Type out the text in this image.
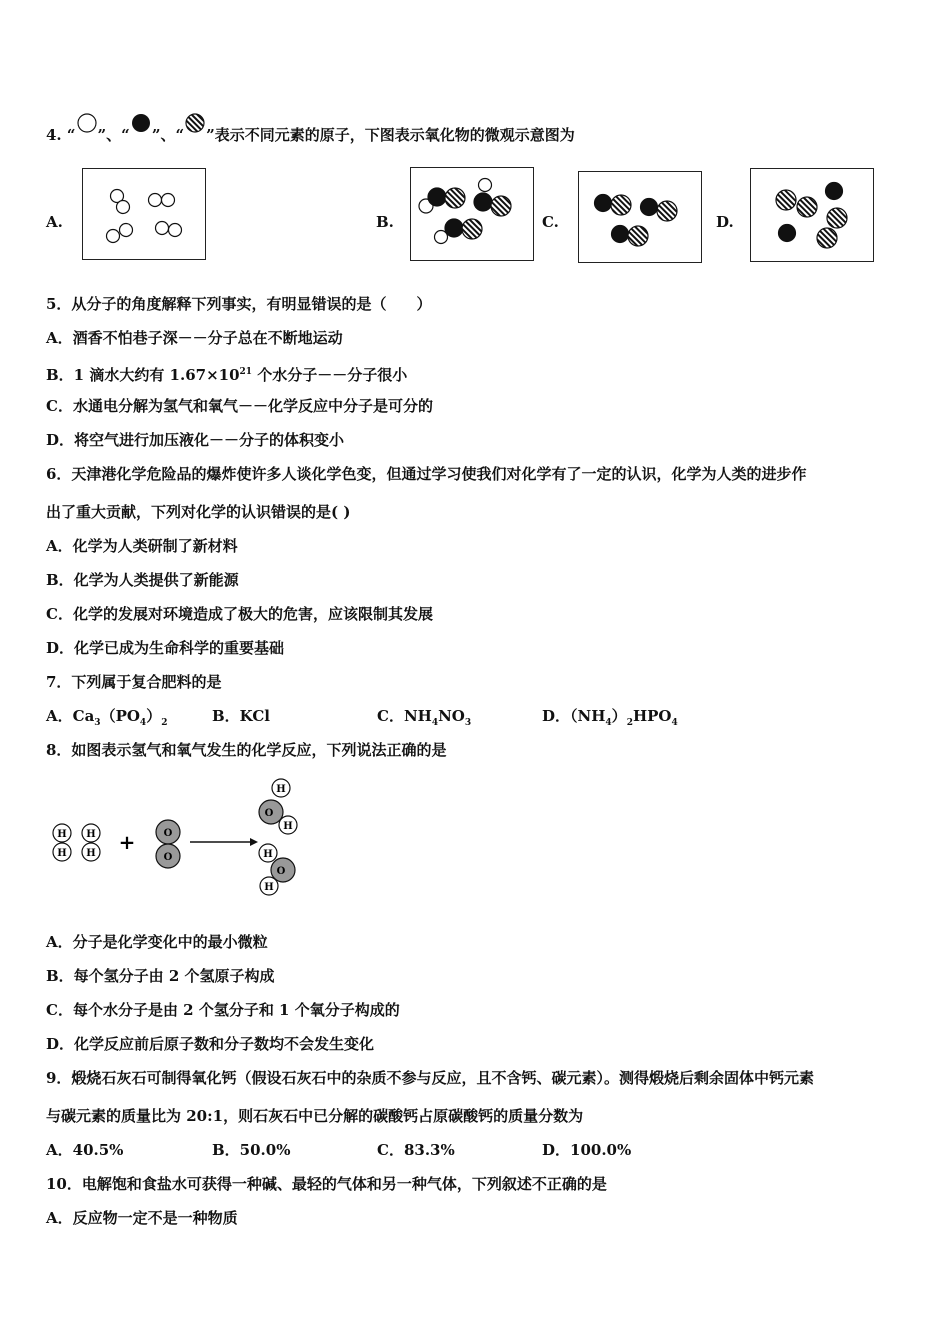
4. “ ”、“ ”、“ ”表示不同元素的原子，下图表示氧化物的微观示意图为
A.	B.	C.	D.
5．从分子的角度解释下列事实，有明显错误的是（　　）
A．酒香不怕巷子深－－分子总在不断地运动
B．1 滴水大约有 $1.67\times 10^{21}$ 个水分子－－分子很小
C．水通电分解为氢气和氧气－－化学反应中分子是可分的
D．将空气进行加压液化－－分子的体积变小
6．天津港化学危险品的爆炸使许多人谈化学色变，但通过学习使我们对化学有了一定的认识，化学为人类的进步作
出了重大贡献，下列对化学的认识错误的是( )
A．化学为人类研制了新材料
B．化学为人类提供了新能源
C．化学的发展对环境造成了极大的危害，应该限制其发展
D．化学已成为生命科学的重要基础
7．下列属于复合肥料的是
A．$Ca_3(PO_4)_2$	B．KCl	C．$NH_4NO_3$	D．$(NH_4)_2HPO_4$
8．如图表示氢气和氧气发生的化学反应，下列说法正确的是
H
H
H
H +	O
O
O
H
H
O
H
H
A．分子是化学变化中的最小微粒
B．每个氢分子由 2 个氢原子构成
C．每个水分子是由 2 个氢分子和 1 个氧分子构成的
D．化学反应前后原子数和分子数均不会发生变化
9．煅烧石灰石可制得氧化钙（假设石灰石中的杂质不参与反应，且不含钙、碳元素）。测得煅烧后剩余固体中钙元素
与碳元素的质量比为 20:1，则石灰石中已分解的碳酸钙占原碳酸钙的质量分数为
A．40.5%	B．50.0%	C．83.3%	D．100.0%
10．电解饱和食盐水可获得一种碱、最轻的气体和另一种气体，下列叙述不正确的是
A．反应物一定不是一种物质
